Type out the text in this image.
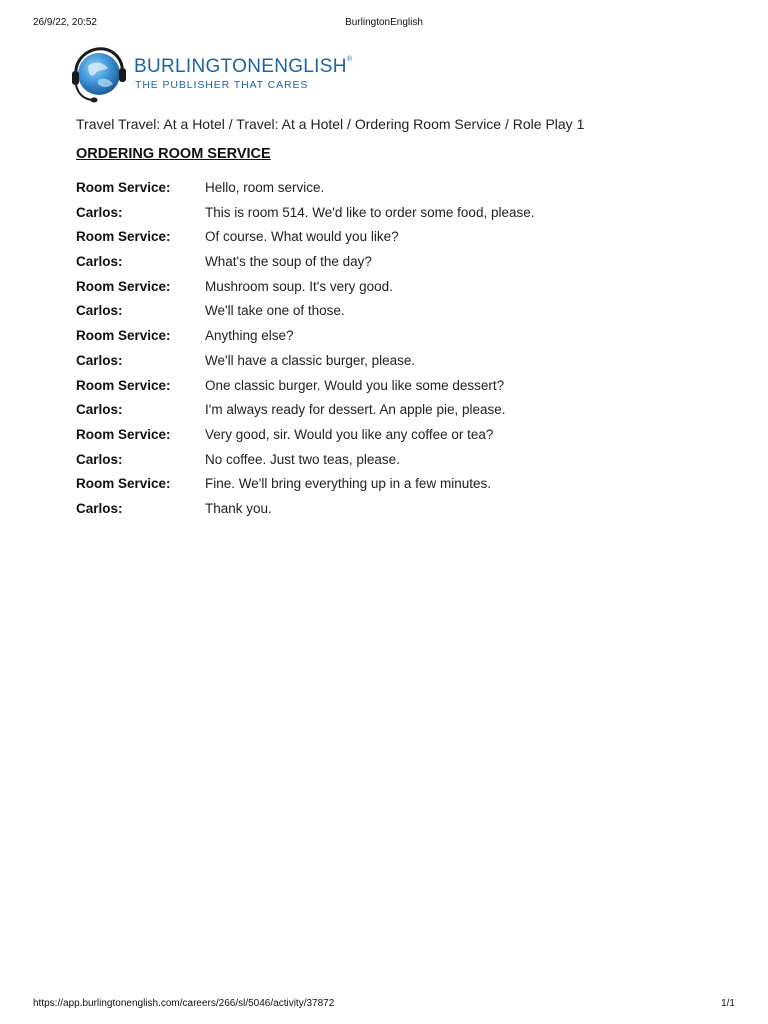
26/9/22, 20:52	BurlingtonEnglish
BURLINGTONENGLISH®
THE PUBLISHER THAT CARES
Travel Travel: At a Hotel / Travel: At a Hotel / Ordering Room Service / Role Play 1
ORDERING ROOM SERVICE
Room Service:	Hello, room service.
Carlos:	This is room 514. We'd like to order some food, please.
Room Service:	Of course. What would you like?
Carlos:	What's the soup of the day?
Room Service:	Mushroom soup. It's very good.
Carlos:	We'll take one of those.
Room Service:	Anything else?
Carlos:	We'll have a classic burger, please.
Room Service:	One classic burger. Would you like some dessert?
Carlos:	I'm always ready for dessert. An apple pie, please.
Room Service:	Very good, sir. Would you like any coffee or tea?
Carlos:	No coffee. Just two teas, please.
Room Service:	Fine. We'll bring everything up in a few minutes.
Carlos:	Thank you.
https://app.burlingtonenglish.com/careers/266/sl/5046/activity/37872	1/1
